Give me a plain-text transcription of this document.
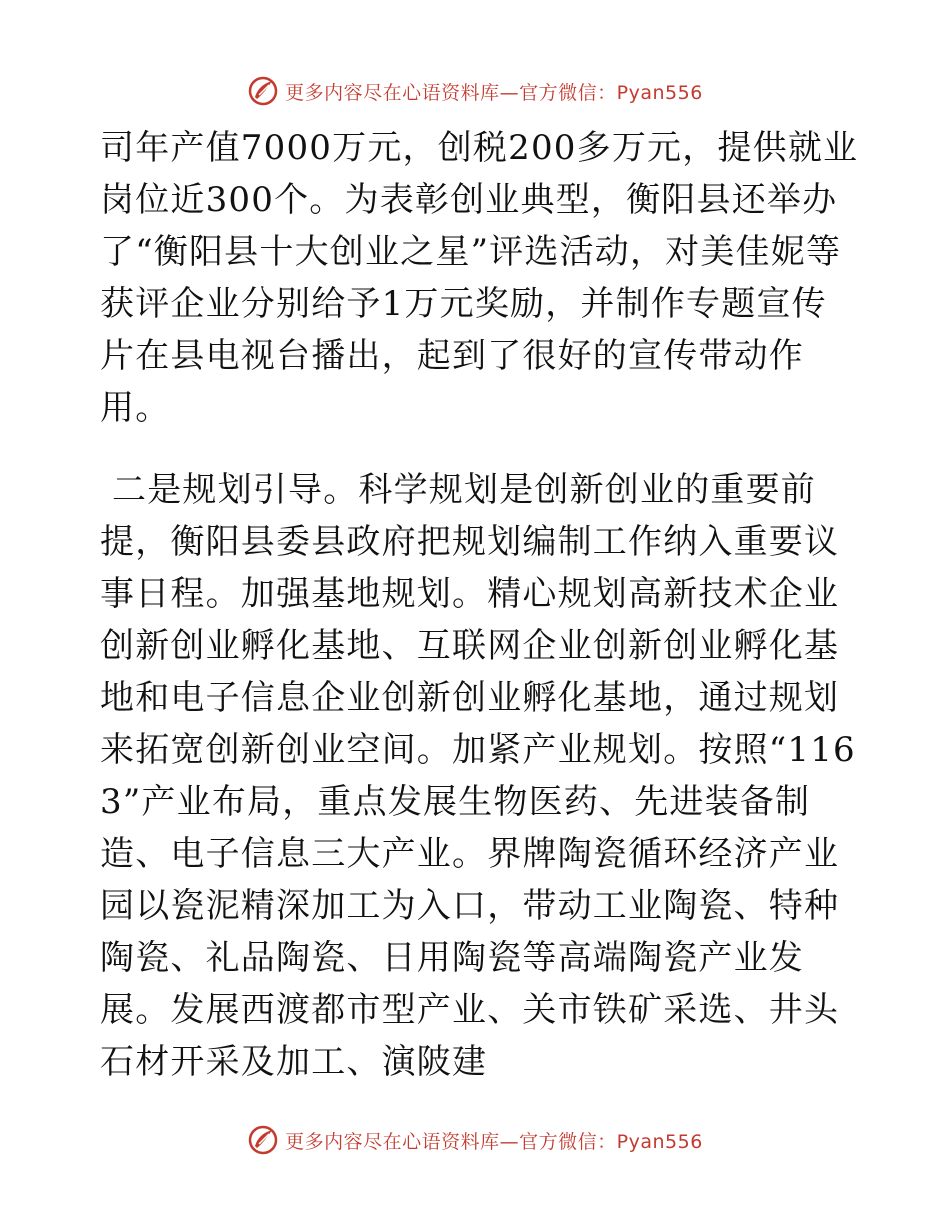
更多内容尽在心语资料库—官方微信：Pyan556

司年产值7000万元，创税200多万元，提供就业岗位近300个。为表彰创业典型，衡阳县还举办了“衡阳县十大创业之星”评选活动，对美佳妮等获评企业分别给予1万元奖励，并制作专题宣传片在县电视台播出，起到了很好的宣传带动作用。

二是规划引导。科学规划是创新创业的重要前提，衡阳县委县政府把规划编制工作纳入重要议事日程。加强基地规划。精心规划高新技术企业创新创业孵化基地、互联网企业创新创业孵化基地和电子信息企业创新创业孵化基地，通过规划来拓宽创新创业空间。加紧产业规划。按照“1163”产业布局，重点发展生物医药、先进装备制造、电子信息三大产业。界牌陶瓷循环经济产业园以瓷泥精深加工为入口，带动工业陶瓷、特种陶瓷、礼品陶瓷、日用陶瓷等高端陶瓷产业发展。发展西渡都市型产业、关市铁矿采选、井头石材开采及加工、演陂建

更多内容尽在心语资料库—官方微信：Pyan556
